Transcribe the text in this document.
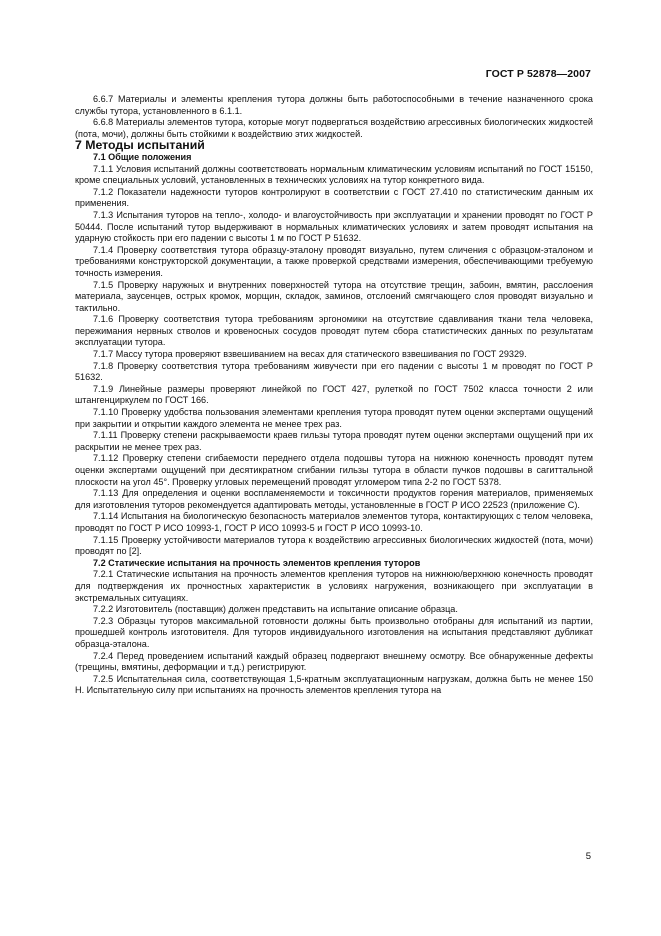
ГОСТ Р 52878—2007

6.6.7 Материалы и элементы крепления тутора должны быть работоспособными в течение назначенного срока службы тутора, установленного в 6.1.1.

6.6.8 Материалы элементов тутора, которые могут подвергаться воздействию агрессивных биологических жидкостей (пота, мочи), должны быть стойкими к воздействию этих жидкостей.

7 Методы испытаний

7.1 Общие положения

7.1.1 Условия испытаний должны соответствовать нормальным климатическим условиям испытаний по ГОСТ 15150, кроме специальных условий, установленных в технических условиях на тутор конкретного вида.

7.1.2 Показатели надежности туторов контролируют в соответствии с ГОСТ 27.410 по статистическим данным их применения.

7.1.3 Испытания туторов на тепло-, холодо- и влагоустойчивость при эксплуатации и хранении проводят по ГОСТ Р 50444. После испытаний тутор выдерживают в нормальных климатических условиях и затем проводят испытания на ударную стойкость при его падении с высоты 1 м по ГОСТ Р 51632.

7.1.4 Проверку соответствия тутора образцу-эталону проводят визуально, путем сличения с образцом-эталоном и требованиями конструкторской документации, а также проверкой средствами измерения, обеспечивающими требуемую точность измерения.

7.1.5 Проверку наружных и внутренних поверхностей тутора на отсутствие трещин, забоин, вмятин, расслоения материала, заусенцев, острых кромок, морщин, складок, заминов, отслоений смягчающего слоя проводят визуально и тактильно.

7.1.6 Проверку соответствия тутора требованиям эргономики на отсутствие сдавливания ткани тела человека, пережимания нервных стволов и кровеносных сосудов проводят путем сбора статистических данных по результатам эксплуатации тутора.

7.1.7 Массу тутора проверяют взвешиванием на весах для статического взвешивания по ГОСТ 29329.

7.1.8 Проверку соответствия тутора требованиям живучести при его падении с высоты 1 м проводят по ГОСТ Р 51632.

7.1.9 Линейные размеры проверяют линейкой по ГОСТ 427, рулеткой по ГОСТ 7502 класса точности 2 или штангенциркулем по ГОСТ 166.

7.1.10 Проверку удобства пользования элементами крепления тутора проводят путем оценки экспертами ощущений при закрытии и открытии каждого элемента не менее трех раз.

7.1.11 Проверку степени раскрываемости краев гильзы тутора проводят путем оценки экспертами ощущений при их раскрытии не менее трех раз.

7.1.12 Проверку степени сгибаемости переднего отдела подошвы тутора на нижнюю конечность проводят путем оценки экспертами ощущений при десятикратном сгибании гильзы тутора в области пучков подошвы в сагиттальной плоскости на угол 45°. Проверку угловых перемещений проводят угломером типа 2-2 по ГОСТ 5378.

7.1.13 Для определения и оценки воспламеняемости и токсичности продуктов горения материалов, применяемых для изготовления туторов рекомендуется адаптировать методы, установленные в ГОСТ Р ИСО 22523 (приложение С).

7.1.14 Испытания на биологическую безопасность материалов элементов тутора, контактирующих с телом человека, проводят по ГОСТ Р ИСО 10993-1, ГОСТ Р ИСО 10993-5 и ГОСТ Р ИСО 10993-10.

7.1.15 Проверку устойчивости материалов тутора к воздействию агрессивных биологических жидкостей (пота, мочи) проводят по [2].

7.2 Статические испытания на прочность элементов крепления туторов

7.2.1 Статические испытания на прочность элементов крепления туторов на нижнюю/верхнюю конечность проводят для подтверждения их прочностных характеристик в условиях нагружения, возникающего при эксплуатации в экстремальных ситуациях.

7.2.2 Изготовитель (поставщик) должен представить на испытание описание образца.

7.2.3 Образцы туторов максимальной готовности должны быть произвольно отобраны для испытаний из партии, прошедшей контроль изготовителя. Для туторов индивидуального изготовления на испытания представляют дубликат образца-эталона.

7.2.4 Перед проведением испытаний каждый образец подвергают внешнему осмотру. Все обнаруженные дефекты (трещины, вмятины, деформации и т.д.) регистрируют.

7.2.5 Испытательная сила, соответствующая 1,5-кратным эксплуатационным нагрузкам, должна быть не менее 150 Н. Испытательную силу при испытаниях на прочность элементов крепления тутора на

5
